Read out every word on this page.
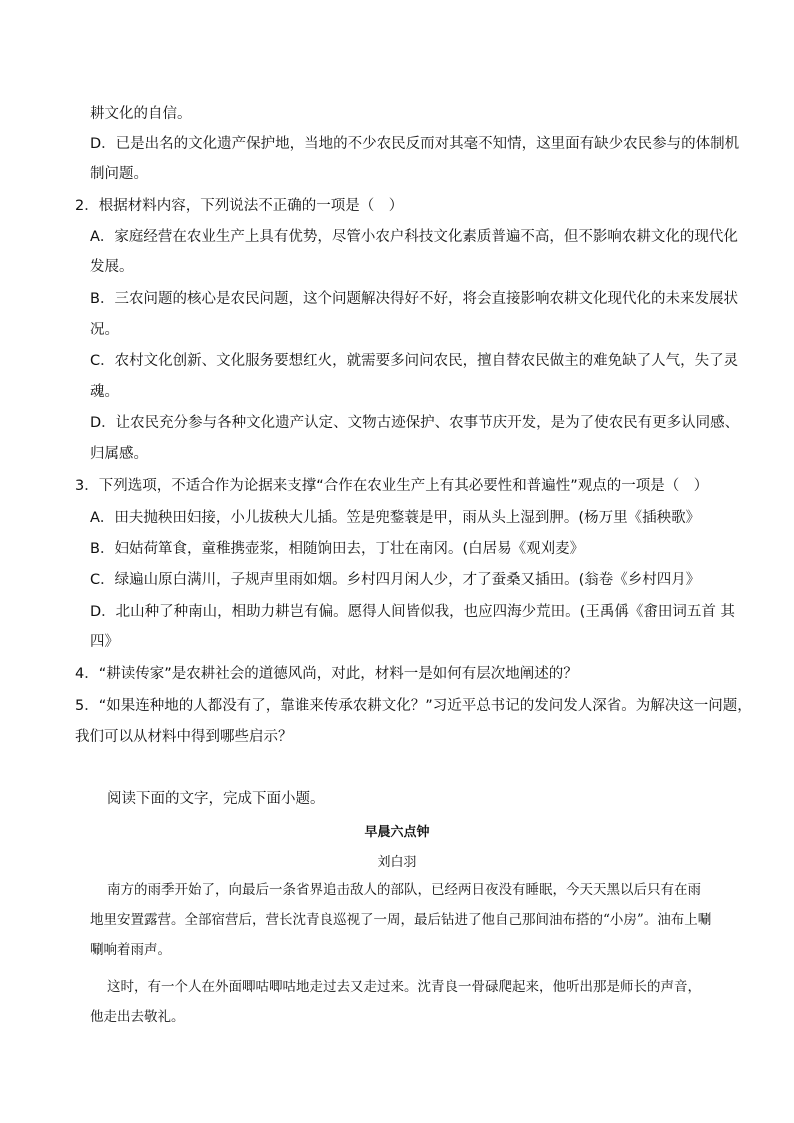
耕文化的自信。
D．已是出名的文化遗产保护地，当地的不少农民反而对其毫不知情，这里面有缺少农民参与的体制机
制问题。
2．根据材料内容，下列说法不正确的一项是（　）
A．家庭经营在农业生产上具有优势，尽管小农户科技文化素质普遍不高，但不影响农耕文化的现代化
发展。
B．三农问题的核心是农民问题，这个问题解决得好不好，将会直接影响农耕文化现代化的未来发展状
况。
C．农村文化创新、文化服务要想红火，就需要多问问农民，擅自替农民做主的难免缺了人气，失了灵
魂。
D．让农民充分参与各种文化遗产认定、文物古迹保护、农事节庆开发，是为了使农民有更多认同感、
归属感。
3．下列选项，不适合作为论据来支撑“合作在农业生产上有其必要性和普遍性”观点的一项是（　）
A．田夫抛秧田妇接，小儿拔秧大儿插。笠是兜鍪蓑是甲，雨从头上湿到胛。(杨万里《插秧歌》
B．妇姑荷箪食，童稚携壶浆，相随饷田去，丁壮在南冈。(白居易《观刈麦》
C．绿遍山原白满川，子规声里雨如烟。乡村四月闲人少，才了蚕桑又插田。(翁卷《乡村四月》
D．北山种了种南山，相助力耕岂有偏。愿得人间皆似我，也应四海少荒田。(王禹偁《畬田词五首 其
四》
4．“耕读传家”是农耕社会的道德风尚，对此，材料一是如何有层次地阐述的？
5．“如果连种地的人都没有了，靠谁来传承农耕文化？”习近平总书记的发问发人深省。为解决这一问题，
我们可以从材料中得到哪些启示？
阅读下面的文字，完成下面小题。
早晨六点钟
刘白羽
南方的雨季开始了，向最后一条省界追击敌人的部队，已经两日夜没有睡眠，今天天黑以后只有在雨
地里安置露营。全部宿营后，营长沈青良巡视了一周，最后钻进了他自己那间油布搭的“小房”。油布上唰
唰响着雨声。
这时，有一个人在外面唧咕唧咕地走过去又走过来。沈青良一骨碌爬起来，他听出那是师长的声音，
他走出去敬礼。
